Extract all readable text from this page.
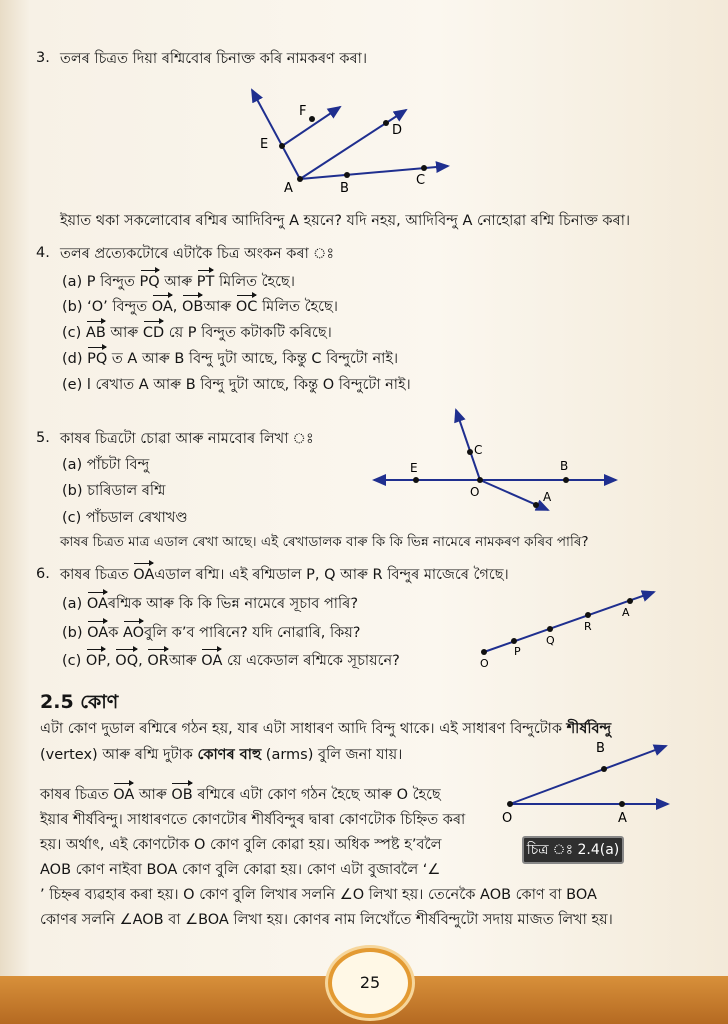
3. তলৰ চিত্ৰত দিয়া ৰশ্মিবোৰ চিনাক্ত কৰি নামকৰণ কৰা।
E
F
D
A	B
C
ইয়াত থকা সকলোবোৰ ৰশ্মিৰ আদিবিন্দু A হয়নে? যদি নহয়, আদিবিন্দু A নোহোৱা ৰশ্মি চিনাক্ত কৰা।
4. তলৰ প্ৰত্যেকটোৰে এটাকৈ চিত্ৰ অংকন কৰা ঃ
(a) P বিন্দুত PQ আৰু PT মিলিত হৈছে।
(b) ‘O’ বিন্দুত OA, OBআৰু OC মিলিত হৈছে।
(c) AB আৰু CD য়ে P বিন্দুত কটাকটি কৰিছে।
(d) PQ ত A আৰু B বিন্দু দুটা আছে, কিন্তু C বিন্দুটো নাই।
(e) l ৰেখাত A আৰু B বিন্দু দুটা আছে, কিন্তু O বিন্দুটো নাই।
5. কাষৰ চিত্ৰটো চোৱা আৰু নামবোৰ লিখা ঃ
(a) পাঁচটা বিন্দু
(b) চাৰিডাল ৰশ্মি
(c) পাঁচডাল ৰেখাখণ্ড
C
E
O
B
A
কাষৰ চিত্ৰত মাত্ৰ এডাল ৰেখা আছে। এই ৰেখাডালক বাৰু কি কি ভিন্ন নামেৰে নামকৰণ কৰিব পাৰি?
6. কাষৰ চিত্ৰত OAএডাল ৰশ্মি। এই ৰশ্মিডাল P, Q আৰু R বিন্দুৰ মাজেৰে গৈছে।
(a) OAৰশ্মিক আৰু কি কি ভিন্ন নামেৰে সূচাব পাৰি?
(b) OAক AOবুলি ক’ব পাৰিনে? যদি নোৱাৰি, কিয়?
(c) OP, OQ, ORআৰু OA য়ে একেডাল ৰশ্মিকে সূচায়নে?	O
P
Q
R
A
2.5 কোণ
এটা কোণ দুডাল ৰশ্মিৰে গঠন হয়, যাৰ এটা সাধাৰণ আদি বিন্দু থাকে। এই সাধাৰণ বিন্দুটোক শীৰ্ষবিন্দু
(vertex) আৰু ৰশ্মি দুটাক কোণৰ বাহু (arms) বুলি জনা যায়।
কাষৰ চিত্ৰত OA আৰু OB ৰশ্মিৰে এটা কোণ গঠন হৈছে আৰু O হৈছে
ইয়াৰ শীৰ্ষবিন্দু। সাধাৰণতে কোণটোৰ শীৰ্ষবিন্দুৰ দ্বাৰা কোণটোক চিহ্নিত কৰা
হয়। অৰ্থাৎ, এই কোণটোক O কোণ বুলি কোৱা হয়। অধিক স্পষ্ট হ’বলৈ
AOB কোণ নাইবা BOA কোণ বুলি কোৱা হয়। কোণ এটা বুজাবলৈ ‘∠
’ চিহ্নৰ ব্যৱহাৰ কৰা হয়। O কোণ বুলি লিখাৰ সলনি ∠O লিখা হয়। তেনেকৈ AOB কোণ বা BOA
কোণৰ সলনি ∠AOB বা ∠BOA লিখা হয়। কোণৰ নাম লিখোঁতে শীৰ্ষবিন্দুটো সদায় মাজত লিখা হয়।
B
O	A
চিত্ৰ ঃ 2.4(a)
25
